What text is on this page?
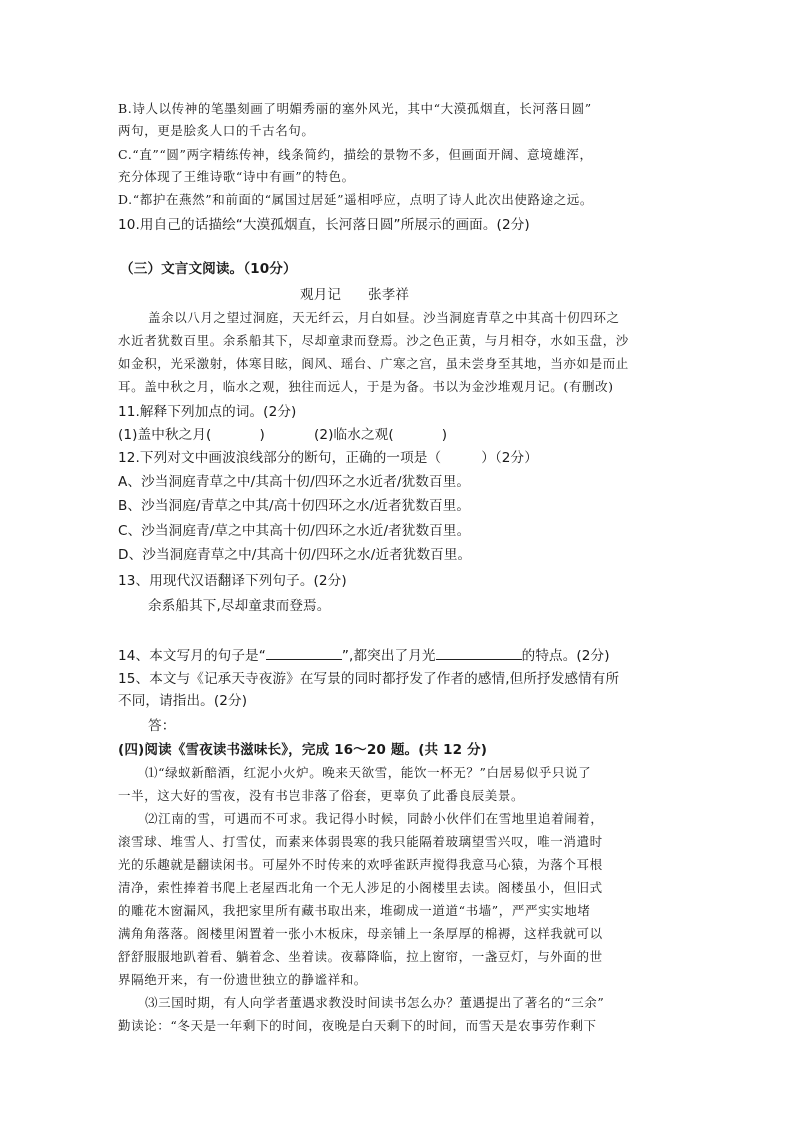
B.诗人以传神的笔墨刻画了明媚秀丽的塞外风光，其中“大漠孤烟直，长河落日圆”
两句，更是脍炙人口的千古名句。
C.“直”“圆”两字精练传神，线条简约，描绘的景物不多，但画面开阔、意境雄浑，
充分体现了王维诗歌“诗中有画”的特色。
D.“都护在燕然”和前面的“属国过居延”遥相呼应，点明了诗人此次出使路途之远。
10.用自己的话描绘“大漠孤烟直，长河落日圆”所展示的画面。(2分)
（三）文言文阅读。（10分）
观月记 张孝祥
盖余以八月之望过洞庭，天无纤云，月白如昼。沙当洞庭青草之中其高十仞四环之
水近者犹数百里。余系船其下，尽却童隶而登焉。沙之色正黄，与月相夺，水如玉盘，沙
如金积，光采激射，体寒目眩，阆风、瑶台、广寒之宫，虽未尝身至其地，当亦如是而止
耳。盖中秋之月，临水之观，独往而远人，于是为备。书以为金沙堆观月记。(有删改)
11.解释下列加点的词。(2分)
(1)盖中秋之月(	)	(2)临水之观(	)
12.下列对文中画波浪线部分的断句，正确的一项是（	）（2分）
A、沙当洞庭青草之中/其高十仞/四环之水近者/犹数百里。
B、沙当洞庭/青草之中其/高十仞四环之水/近者犹数百里。
C、沙当洞庭青/草之中其高十仞/四环之水近/者犹数百里。
D、沙当洞庭青草之中/其高十仞/四环之水/近者犹数百里。
13、用现代汉语翻译下列句子。(2分)
余系船其下,尽却童隶而登焉。
14、本文写月的句子是“	”,都突出了月光	的特点。(2分)
15、本文与《记承天寺夜游》在写景的同时都抒发了作者的感情,但所抒发感情有所
不同，请指出。(2分)
答：
(四)阅读《雪夜读书滋味长》，完成 16～20 题。(共 12 分)
⑴“绿蚁新醅酒，红泥小火炉。晚来天欲雪，能饮一杯无？”白居易似乎只说了
一半，这大好的雪夜，没有书岂非落了俗套，更辜负了此番良辰美景。
⑵江南的雪，可遇而不可求。我记得小时候，同龄小伙伴们在雪地里追着闹着，
滚雪球、堆雪人、打雪仗，而素来体弱畏寒的我只能隔着玻璃望雪兴叹，唯一消遣时
光的乐趣就是翻读闲书。可屋外不时传来的欢呼雀跃声搅得我意马心猿，为落个耳根
清净，索性捧着书爬上老屋西北角一个无人涉足的小阁楼里去读。阁楼虽小，但旧式
的雕花木窗漏风，我把家里所有藏书取出来，堆砌成一道道“书墙”，严严实实地堵
满角角落落。阁楼里闲置着一张小木板床，母亲铺上一条厚厚的棉褥，这样我就可以
舒舒服服地趴着看、躺着念、坐着读。夜幕降临，拉上窗帘，一盏豆灯，与外面的世
界隔绝开来，有一份遗世独立的静谧祥和。
⑶三国时期，有人向学者董遇求教没时间读书怎么办？董遇提出了著名的“三余”
勤读论：“冬天是一年剩下的时间，夜晚是白天剩下的时间，而雪天是农事劳作剩下
